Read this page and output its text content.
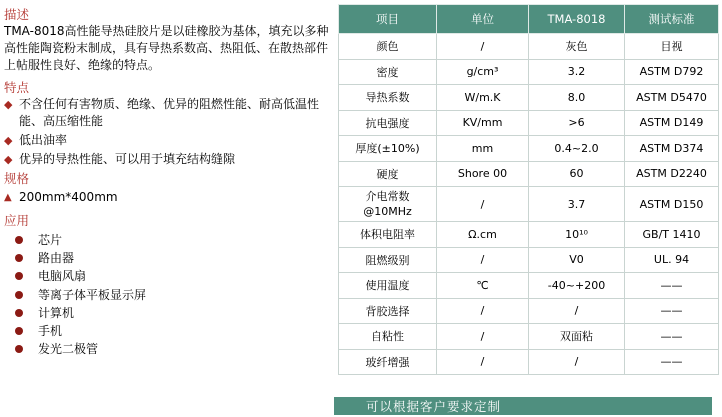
描述

TMA-8018高性能导热硅胶片是以硅橡胶为基体，填充以多种高性能陶瓷粉末制成，具有导热系数高、热阻低、在散热部件上帖服性良好、绝缘的特点。

特点

◆ 不含任何有害物质、绝缘、优异的阻燃性能、耐高低温性能、高压缩性能
◆ 低出油率
◆ 优异的导热性能、可以用于填充结构缝隙

规格

▲ 200mm*400mm

应用

芯片
路由器
电脑风扇
等离子体平板显示屏
计算机
手机
发光二极管
项目	单位	TMA-8018	测试标准
颜色	/	灰色	目视
密度	g/cm³	3.2	ASTM D792
导热系数	W/m.K	8.0	ASTM D5470
抗电强度	KV/mm	>6	ASTM D149
厚度(±10%)	mm	0.4~2.0	ASTM D374
硬度	Shore 00	60	ASTM D2240
介电常数
@10MHz	/	3.7	ASTM D150
体积电阻率	Ω.cm	10¹⁰	GB/T 1410
阻燃级别	/	V0	UL. 94
使用温度	℃	-40~+200	——
背胶选择	/	/	——
自粘性	/	双面粘	——
玻纤增强	/	/	——
可以根据客户要求定制
